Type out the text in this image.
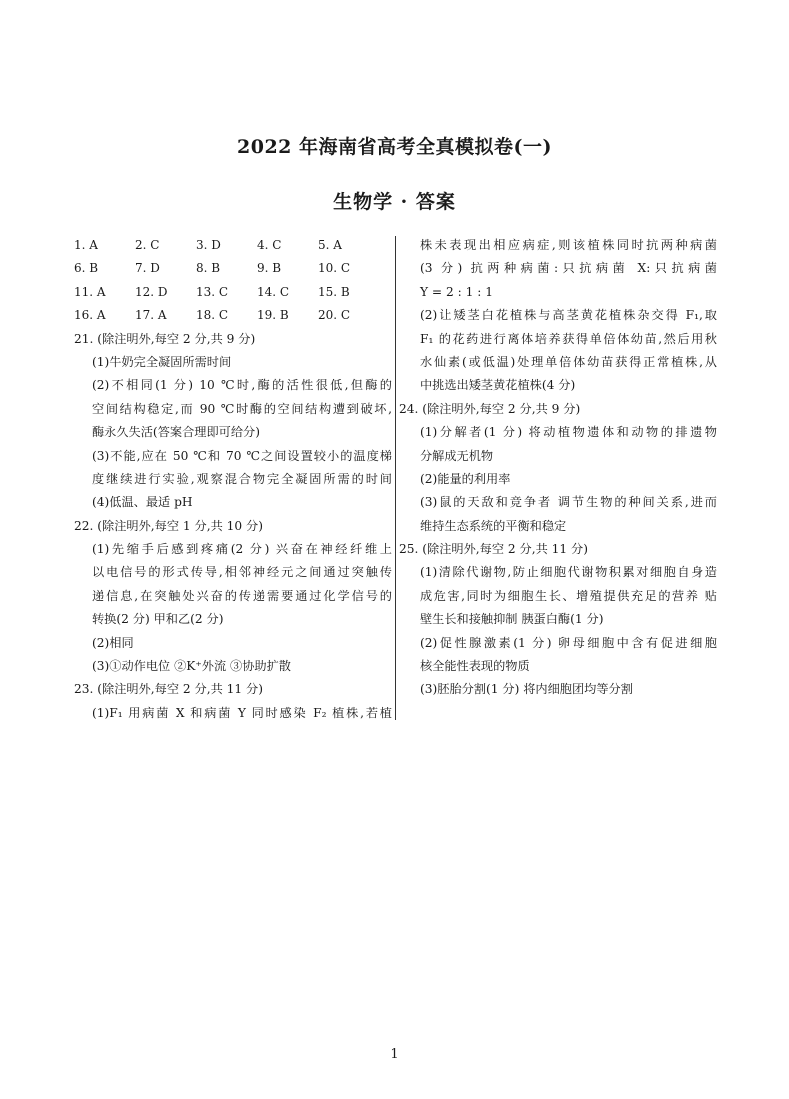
2022 年海南省高考全真模拟卷(一)
生物学 · 答案
1. A	2. C	3. D	4. C	5. A
6. B	7. D	8. B	9. B	10. C
11. A	12. D	13. C	14. C	15. B
16. A	17. A	18. C	19. B	20. C
21. (除注明外,每空 2 分,共 9 分)
(1)牛奶完全凝固所需时间
(2)不相同(1 分) 10 ℃时,酶的活性很低,但酶的
空间结构稳定,而 90 ℃时酶的空间结构遭到破坏,
酶永久失活(答案合理即可给分)
(3)不能,应在 50 ℃和 70 ℃之间设置较小的温度梯
度继续进行实验,观察混合物完全凝固所需的时间
(4)低温、最适 pH
22. (除注明外,每空 1 分,共 10 分)
(1)先缩手后感到疼痛(2 分) 兴奋在神经纤维上
以电信号的形式传导,相邻神经元之间通过突触传
递信息,在突触处兴奋的传递需要通过化学信号的
转换(2 分) 甲和乙(2 分)
(2)相同
(3)①动作电位 ②K⁺外流 ③协助扩散
23. (除注明外,每空 2 分,共 11 分)
(1)F₁ 用病菌 X 和病菌 Y 同时感染 F₂ 植株,若植
株未表现出相应病症,则该植株同时抗两种病菌
(3 分) 抗两种病菌:只抗病菌 X:只抗病菌
Y = 2 : 1 : 1
(2)让矮茎白花植株与高茎黄花植株杂交得 F₁,取
F₁ 的花药进行离体培养获得单倍体幼苗,然后用秋
水仙素(或低温)处理单倍体幼苗获得正常植株,从
中挑选出矮茎黄花植株(4 分)
24. (除注明外,每空 2 分,共 9 分)
(1)分解者(1 分) 将动植物遗体和动物的排遗物
分解成无机物
(2)能量的利用率
(3)鼠的天敌和竞争者 调节生物的种间关系,进而
维持生态系统的平衡和稳定
25. (除注明外,每空 2 分,共 11 分)
(1)清除代谢物,防止细胞代谢物积累对细胞自身造
成危害,同时为细胞生长、增殖提供充足的营养 贴
壁生长和接触抑制 胰蛋白酶(1 分)
(2)促性腺激素(1 分) 卵母细胞中含有促进细胞
核全能性表现的物质
(3)胚胎分割(1 分) 将内细胞团均等分割
1
